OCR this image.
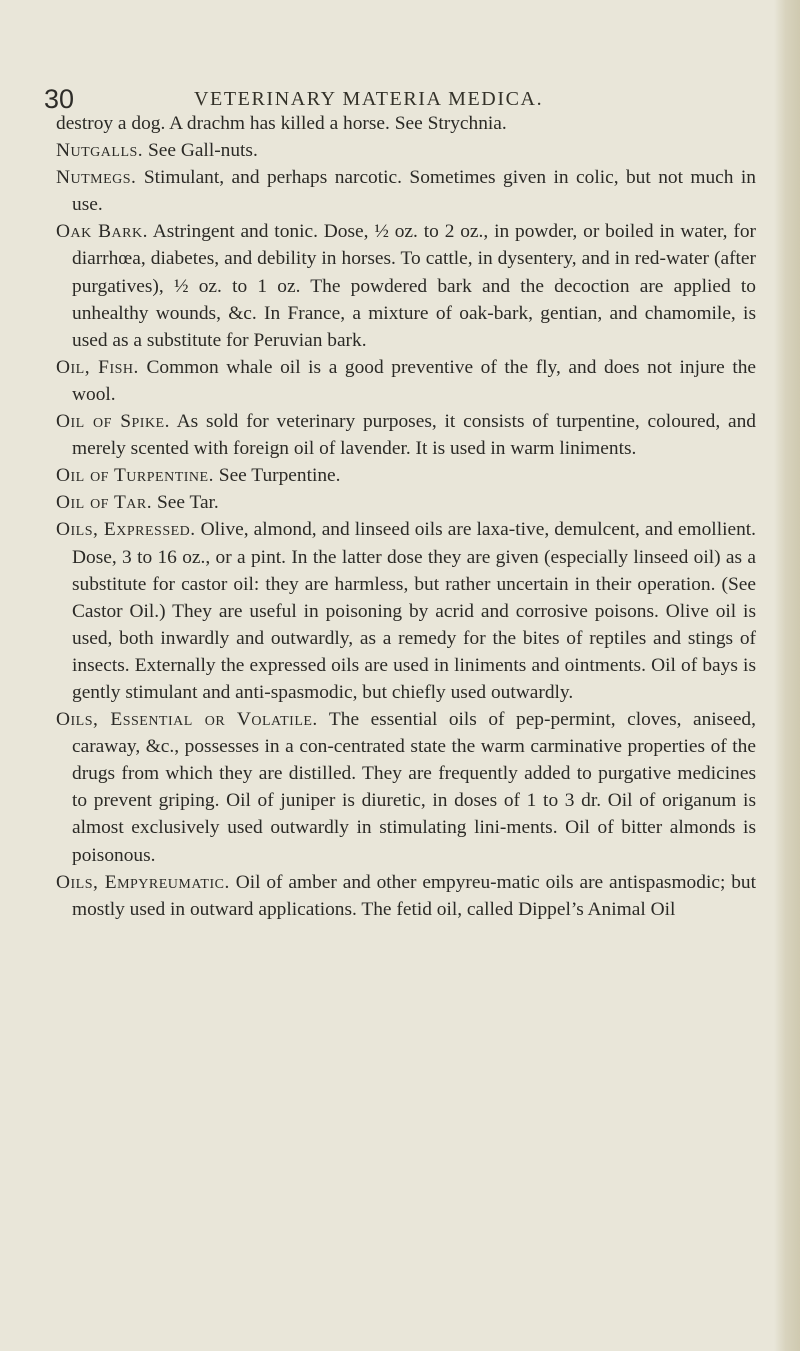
30	VETERINARY MATERIA MEDICA.

destroy a dog. A drachm has killed a horse. See Strychnia.

Nutgalls. See Gall-nuts.

Nutmegs. Stimulant, and perhaps narcotic. Sometimes given in colic, but not much in use.

Oak Bark. Astringent and tonic. Dose, ½ oz. to 2 oz., in powder, or boiled in water, for diarrhœa, diabetes, and debility in horses. To cattle, in dysentery, and in red-water (after purgatives), ½ oz. to 1 oz. The powdered bark and the decoction are applied to unhealthy wounds, &c. In France, a mixture of oak-bark, gentian, and chamomile, is used as a substitute for Peruvian bark.

Oil, Fish. Common whale oil is a good preventive of the fly, and does not injure the wool.

Oil of Spike. As sold for veterinary purposes, it consists of turpentine, coloured, and merely scented with foreign oil of lavender. It is used in warm liniments.

Oil of Turpentine. See Turpentine.

Oil of Tar. See Tar.

Oils, Expressed. Olive, almond, and linseed oils are laxa-tive, demulcent, and emollient. Dose, 3 to 16 oz., or a pint. In the latter dose they are given (especially linseed oil) as a substitute for castor oil: they are harmless, but rather uncertain in their operation. (See Castor Oil.) They are useful in poisoning by acrid and corrosive poisons. Olive oil is used, both inwardly and outwardly, as a remedy for the bites of reptiles and stings of insects. Externally the expressed oils are used in liniments and ointments. Oil of bays is gently stimulant and anti-spasmodic, but chiefly used outwardly.

Oils, Essential or Volatile. The essential oils of pep-permint, cloves, aniseed, caraway, &c., possesses in a con-centrated state the warm carminative properties of the drugs from which they are distilled. They are frequently added to purgative medicines to prevent griping. Oil of juniper is diuretic, in doses of 1 to 3 dr. Oil of origanum is almost exclusively used outwardly in stimulating lini-ments. Oil of bitter almonds is poisonous.

Oils, Empyreumatic. Oil of amber and other empyreu-matic oils are antispasmodic; but mostly used in outward applications. The fetid oil, called Dippel’s Animal Oil
